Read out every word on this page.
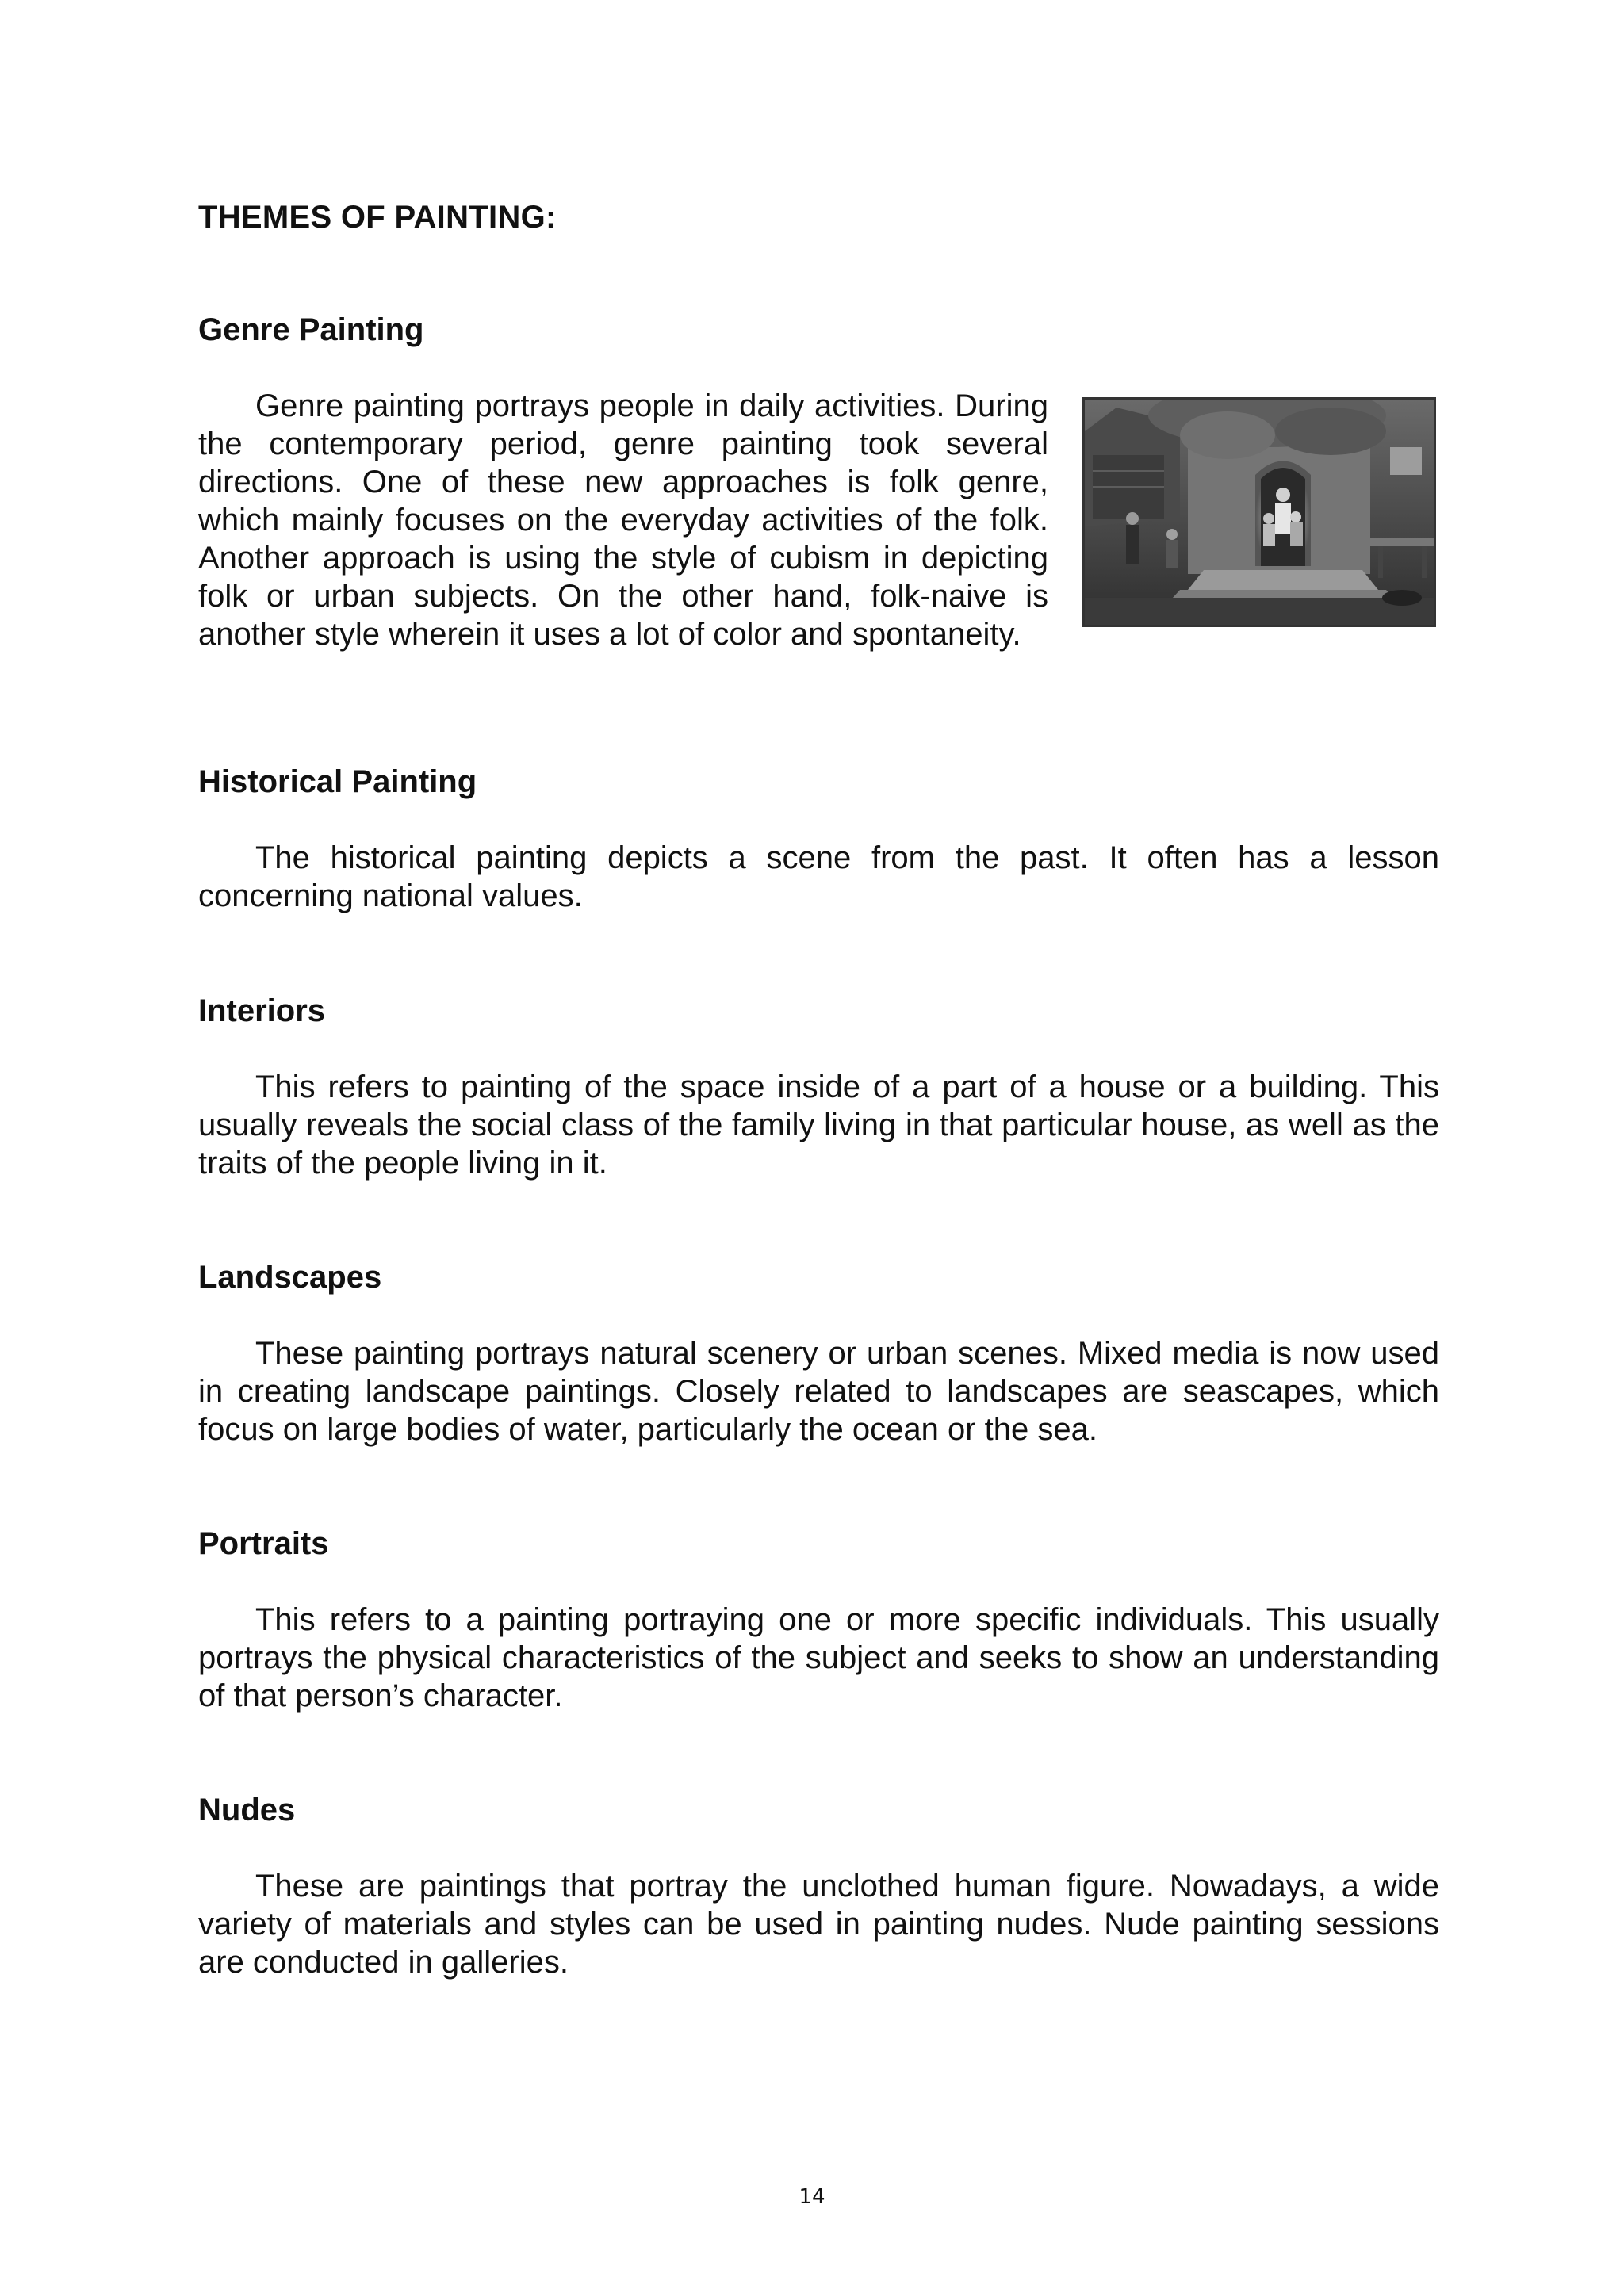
THEMES OF PAINTING:
Genre Painting

Genre painting portrays people in daily activities. During the contemporary period, genre painting took several directions. One of these new approaches is folk genre, which mainly focuses on the everyday activities of the folk. Another approach is using the style of cubism in depicting folk or urban subjects. On the other hand, folk-naive is another style wherein it uses a lot of color and spontaneity.

Historical Painting

The historical painting depicts a scene from the past. It often has a lesson concerning national values.

Interiors

This refers to painting of the space inside of a part of a house or a building. This usually reveals the social class of the family living in that particular house, as well as the traits of the people living in it.

Landscapes

These painting portrays natural scenery or urban scenes. Mixed media is now used in creating landscape paintings. Closely related to landscapes are seascapes, which focus on large bodies of water, particularly the ocean or the sea.

Portraits

This refers to a painting portraying one or more specific individuals. This usually portrays the physical characteristics of the subject and seeks to show an understanding of that person’s character.

Nudes

These are paintings that portray the unclothed human figure. Nowadays, a wide variety of materials and styles can be used in painting nudes. Nude painting sessions are conducted in galleries.

14
